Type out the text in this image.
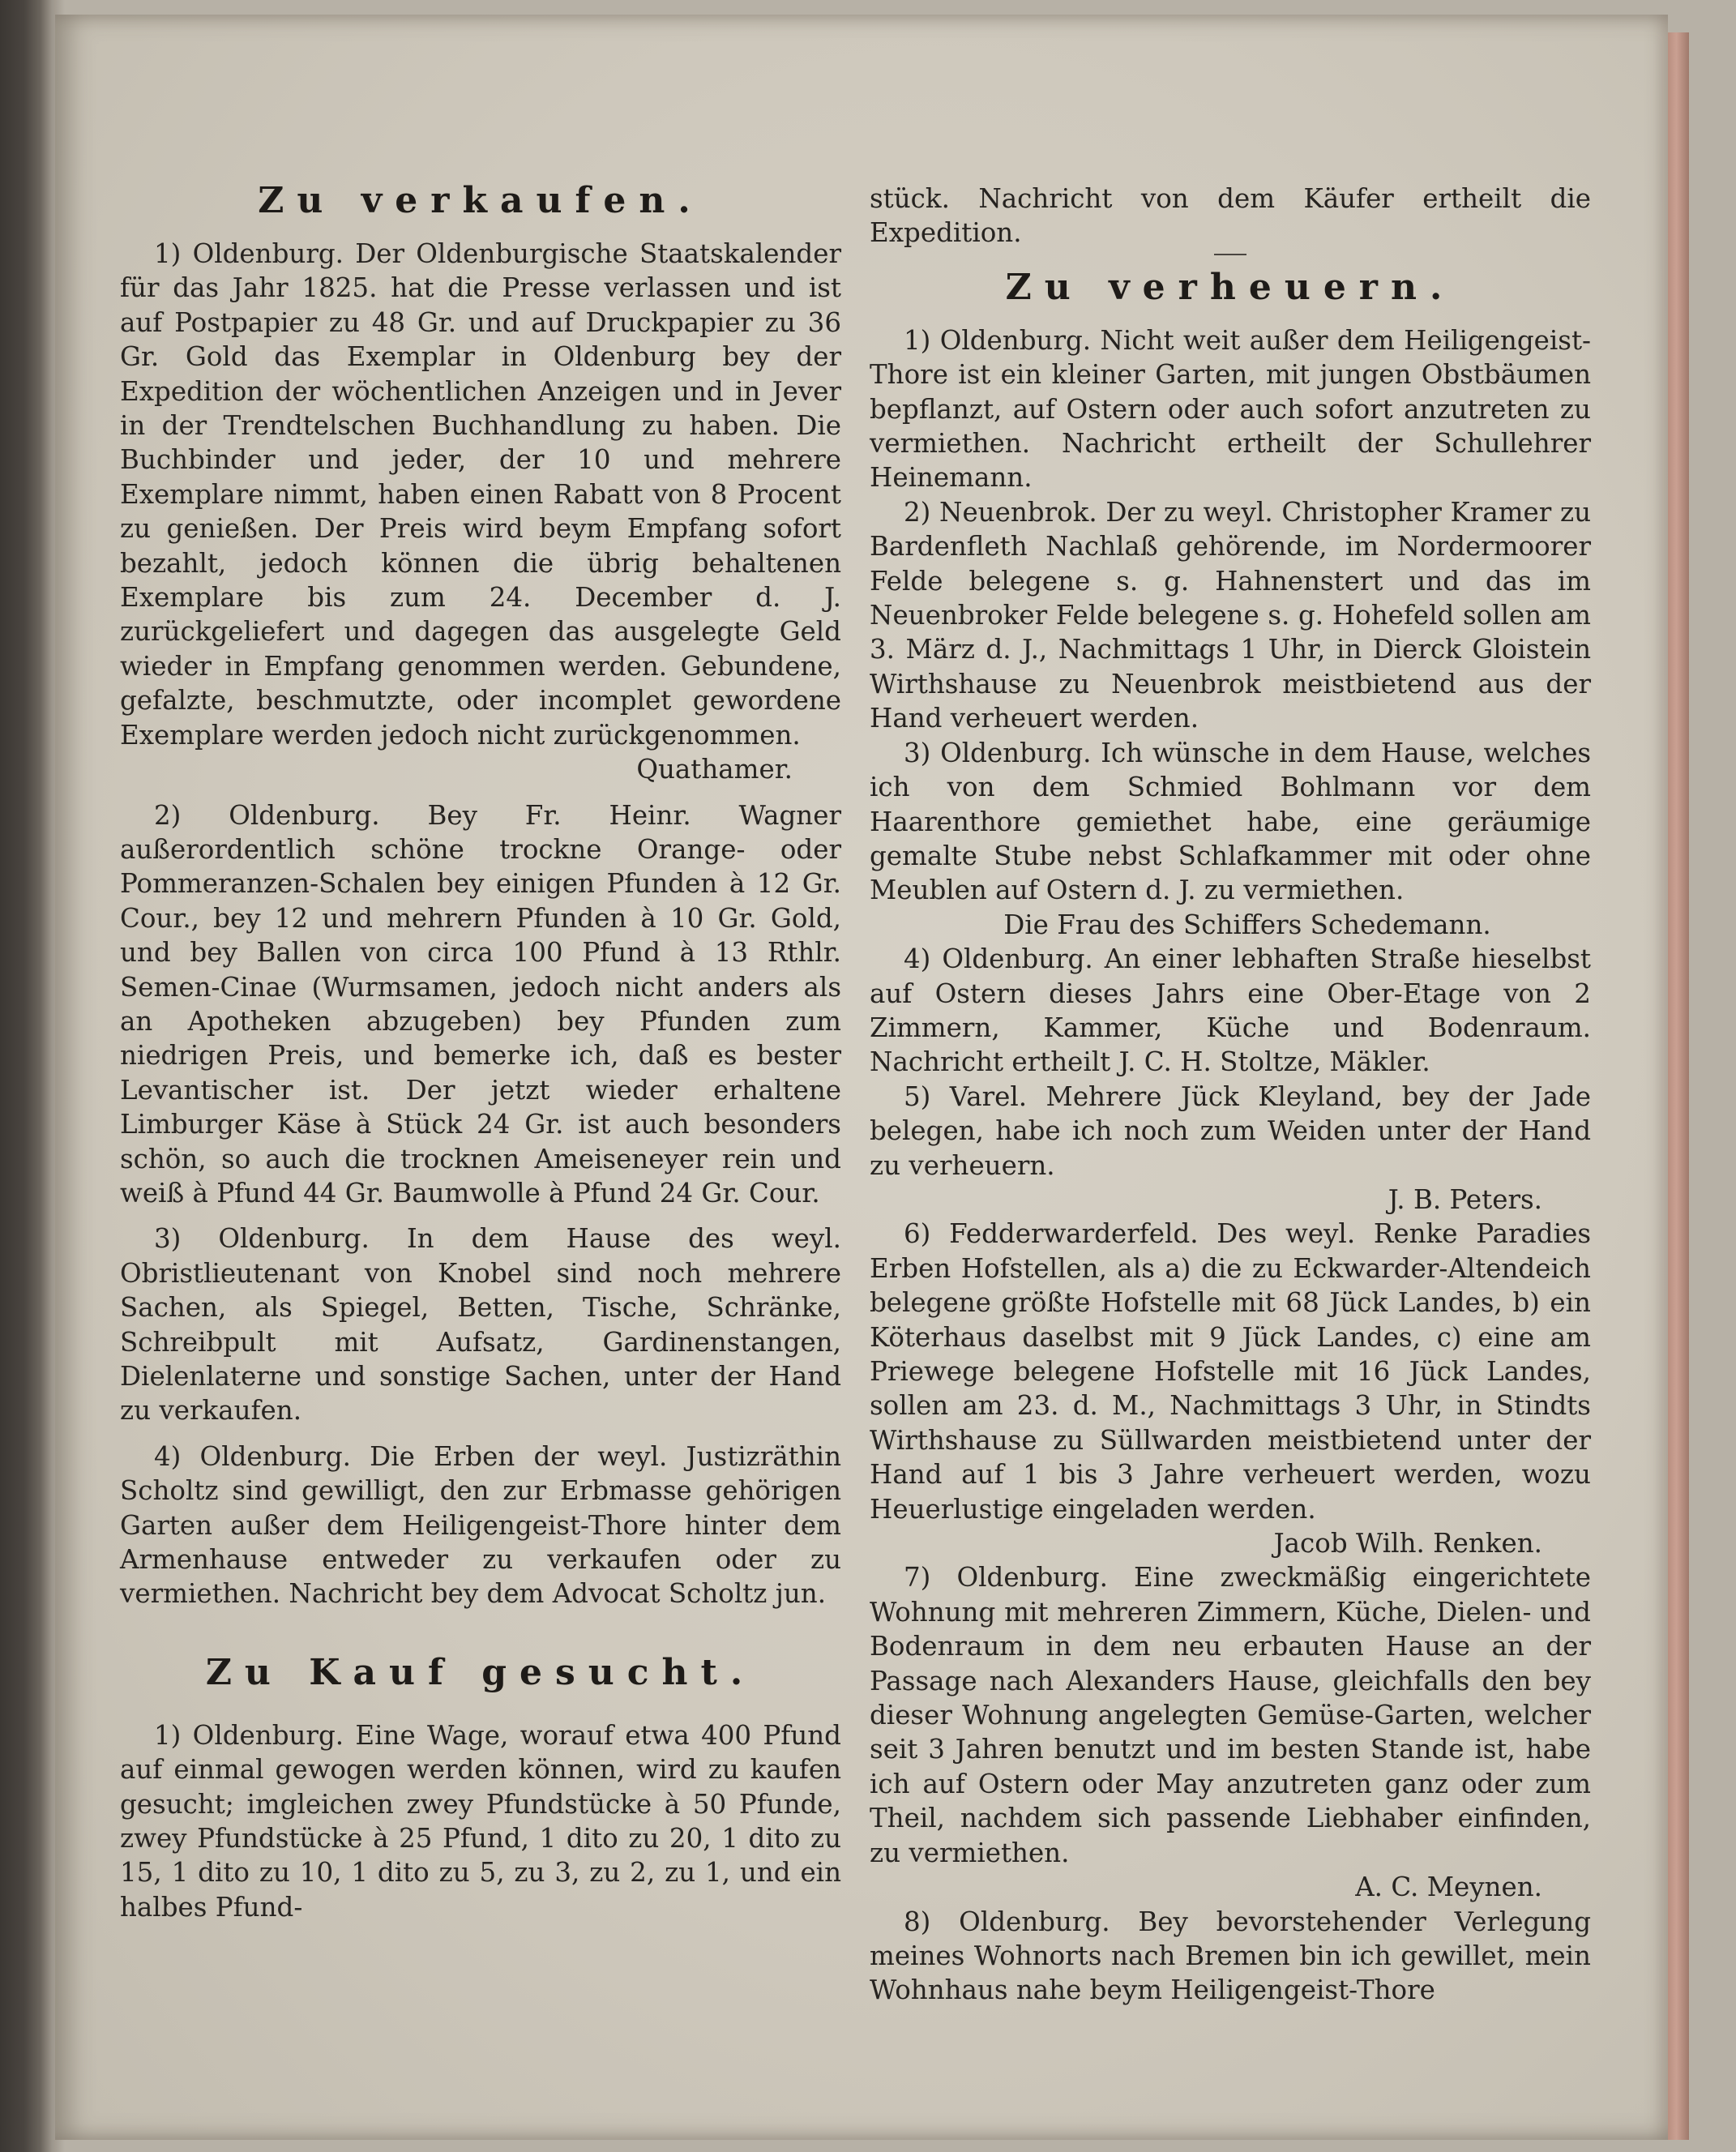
Zu verkaufen.

1) Oldenburg. Der Oldenburgische Staatskalender für das Jahr 1825. hat die Presse verlassen und ist auf Postpapier zu 48 Gr. und auf Druckpapier zu 36 Gr. Gold das Exemplar in Oldenburg bey der Expedition der wöchentlichen Anzeigen und in Jever in der Trendtelschen Buchhandlung zu haben. Die Buchbinder und jeder, der 10 und mehrere Exemplare nimmt, haben einen Rabatt von 8 Procent zu genießen. Der Preis wird beym Empfang sofort bezahlt, jedoch können die übrig behaltenen Exemplare bis zum 24. December d. J. zurückgeliefert und dagegen das ausgelegte Geld wieder in Empfang genommen werden. Gebundene, gefalzte, beschmutzte, oder incomplet gewordene Exemplare werden jedoch nicht zurückgenommen.

Quathamer.

2) Oldenburg. Bey Fr. Heinr. Wagner außerordentlich schöne trockne Orange- oder Pommeranzen-Schalen bey einigen Pfunden à 12 Gr. Cour., bey 12 und mehrern Pfunden à 10 Gr. Gold, und bey Ballen von circa 100 Pfund à 13 Rthlr. Semen-Cinae (Wurmsamen, jedoch nicht anders als an Apotheken abzugeben) bey Pfunden zum niedrigen Preis, und bemerke ich, daß es bester Levantischer ist. Der jetzt wieder erhaltene Limburger Käse à Stück 24 Gr. ist auch besonders schön, so auch die trocknen Ameiseneyer rein und weiß à Pfund 44 Gr. Baumwolle à Pfund 24 Gr. Cour.

3) Oldenburg. In dem Hause des weyl. Obristlieutenant von Knobel sind noch mehrere Sachen, als Spiegel, Betten, Tische, Schränke, Schreibpult mit Aufsatz, Gardinenstangen, Dielenlaterne und sonstige Sachen, unter der Hand zu verkaufen.

4) Oldenburg. Die Erben der weyl. Justizräthin Scholtz sind gewilligt, den zur Erbmasse gehörigen Garten außer dem Heiligengeist-Thore hinter dem Armenhause entweder zu verkaufen oder zu vermiethen. Nachricht bey dem Advocat Scholtz jun.

Zu Kauf gesucht.

1) Oldenburg. Eine Wage, worauf etwa 400 Pfund auf einmal gewogen werden können, wird zu kaufen gesucht; imgleichen zwey Pfundstücke à 50 Pfunde, zwey Pfundstücke à 25 Pfund, 1 dito zu 20, 1 dito zu 15, 1 dito zu 10, 1 dito zu 5, zu 3, zu 2, zu 1, und ein halbes Pfund-

stück. Nachricht von dem Käufer ertheilt die Expedition.

Zu verheuern.

1) Oldenburg. Nicht weit außer dem Heiligengeist-Thore ist ein kleiner Garten, mit jungen Obstbäumen bepflanzt, auf Ostern oder auch sofort anzutreten zu vermiethen. Nachricht ertheilt der Schullehrer Heinemann.

2) Neuenbrok. Der zu weyl. Christopher Kramer zu Bardenfleth Nachlaß gehörende, im Nordermoorer Felde belegene s. g. Hahnenstert und das im Neuenbroker Felde belegene s. g. Hohefeld sollen am 3. März d. J., Nachmittags 1 Uhr, in Dierck Gloistein Wirthshause zu Neuenbrok meistbietend aus der Hand verheuert werden.

3) Oldenburg. Ich wünsche in dem Hause, welches ich von dem Schmied Bohlmann vor dem Haarenthore gemiethet habe, eine geräumige gemalte Stube nebst Schlafkammer mit oder ohne Meublen auf Ostern d. J. zu vermiethen.

Die Frau des Schiffers Schedemann.

4) Oldenburg. An einer lebhaften Straße hieselbst auf Ostern dieses Jahrs eine Ober-Etage von 2 Zimmern, Kammer, Küche und Bodenraum. Nachricht ertheilt J. C. H. Stoltze, Mäkler.

5) Varel. Mehrere Jück Kleyland, bey der Jade belegen, habe ich noch zum Weiden unter der Hand zu verheuern.

J. B. Peters.

6) Fedderwarderfeld. Des weyl. Renke Paradies Erben Hofstellen, als a) die zu Eckwarder-Altendeich belegene größte Hofstelle mit 68 Jück Landes, b) ein Köterhaus daselbst mit 9 Jück Landes, c) eine am Priewege belegene Hofstelle mit 16 Jück Landes, sollen am 23. d. M., Nachmittags 3 Uhr, in Stindts Wirthshause zu Süllwarden meistbietend unter der Hand auf 1 bis 3 Jahre verheuert werden, wozu Heuerlustige eingeladen werden.

Jacob Wilh. Renken.

7) Oldenburg. Eine zweckmäßig eingerichtete Wohnung mit mehreren Zimmern, Küche, Dielen- und Bodenraum in dem neu erbauten Hause an der Passage nach Alexanders Hause, gleichfalls den bey dieser Wohnung angelegten Gemüse-Garten, welcher seit 3 Jahren benutzt und im besten Stande ist, habe ich auf Ostern oder May anzutreten ganz oder zum Theil, nachdem sich passende Liebhaber einfinden, zu vermiethen.

A. C. Meynen.

8) Oldenburg. Bey bevorstehender Verlegung meines Wohnorts nach Bremen bin ich gewillet, mein Wohnhaus nahe beym Heiligengeist-Thore
